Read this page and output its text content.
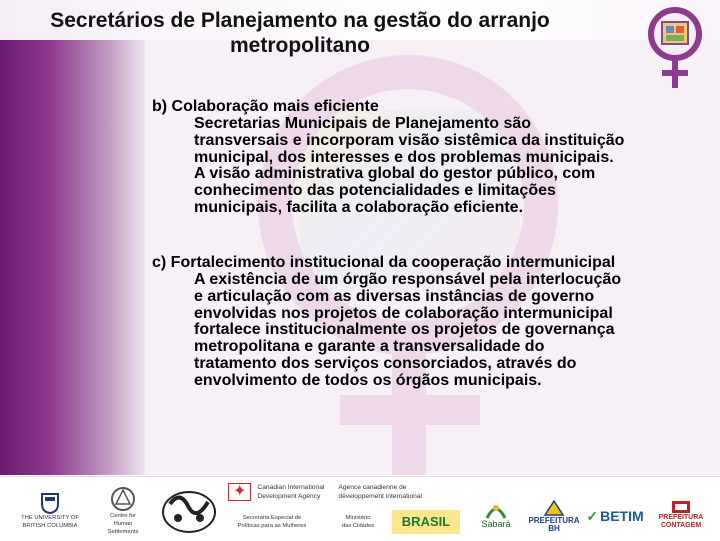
Secretários de Planejamento na gestão do arranjo
metropolitano
b) Colaboração mais eficiente
Secretarias Municipais de Planejamento são
transversais e incorporam visão sistêmica da instituição
municipal, dos interesses e dos problemas municipais.
A visão administrativa global do gestor público, com
conhecimento das potencialidades e limitações
municipais, facilita a colaboração eficiente.
c) Fortalecimento institucional da cooperação intermunicipal
A existência de um órgão responsável pela interlocução
e articulação com as diversas instâncias de governo
envolvidas nos projetos de colaboração intermunicipal
fortalece institucionalmente os projetos de governança
metropolitana e garante a transversalidade do
tratamento dos serviços consorciados, através do
envolvimento de todos os órgãos municipais.
THE UNIVERSITY OF
BRITISH COLUMBIA
Centre for
Human Settlements
✦	Canadian International
Development Agency
Agence canadienne de
développement international
Secretaria Especial de
Políticas para as Mulheres
Ministério
das Cidades	BRASIL	Sabará	PREFEITURA BH
✓ BETIM	PREFEITURA CONTAGEM
